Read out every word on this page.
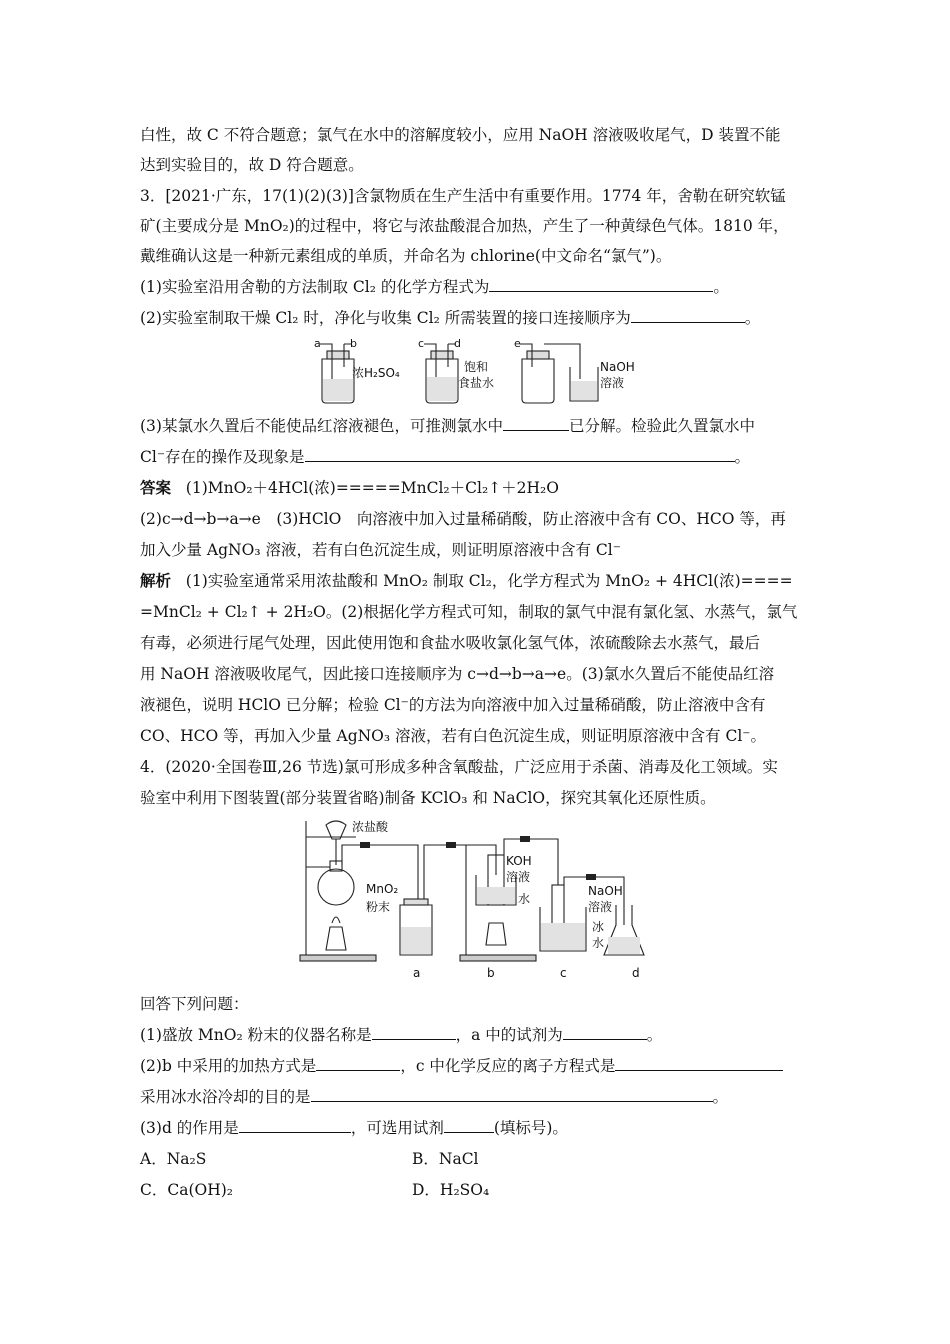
白性，故 C 不符合题意；氯气在水中的溶解度较小，应用 NaOH 溶液吸收尾气，D 装置不能
达到实验目的，故 D 符合题意。
3．[2021·广东，17(1)(2)(3)]含氯物质在生产生活中有重要作用。1774 年，舍勒在研究软锰
矿(主要成分是 MnO₂)的过程中，将它与浓盐酸混合加热，产生了一种黄绿色气体。1810 年，
戴维确认这是一种新元素组成的单质，并命名为 chlorine(中文命名“氯气”)。
(1)实验室沿用舍勒的方法制取 Cl₂ 的化学方程式为	。
(2)实验室制取干燥 Cl₂ 时，净化与收集 Cl₂ 所需装置的接口连接顺序为	。
a	b	c	d	e
浓H₂SO₄	饱和
食盐水
NaOH
溶液
(3)某氯水久置后不能使品红溶液褪色，可推测氯水中	已分解。检验此久置氯水中
Cl⁻存在的操作及现象是	。
答案 (1)MnO₂＋4HCl(浓)=====MnCl₂＋Cl₂↑＋2H₂O
(2)c→d→b→a→e　(3)HClO　向溶液中加入过量稀硝酸，防止溶液中含有 CO、HCO 等，再
加入少量 AgNO₃ 溶液，若有白色沉淀生成，则证明原溶液中含有 Cl⁻
解析 (1)实验室通常采用浓盐酸和 MnO₂ 制取 Cl₂，化学方程式为 MnO₂ + 4HCl(浓)====
=MnCl₂ + Cl₂↑ + 2H₂O。(2)根据化学方程式可知，制取的氯气中混有氯化氢、水蒸气，氯气
有毒，必须进行尾气处理，因此使用饱和食盐水吸收氯化氢气体，浓硫酸除去水蒸气，最后
用 NaOH 溶液吸收尾气，因此接口连接顺序为 c→d→b→a→e。(3)氯水久置后不能使品红溶
液褪色，说明 HClO 已分解；检验 Cl⁻的方法为向溶液中加入过量稀硝酸，防止溶液中含有
CO、HCO 等，再加入少量 AgNO₃ 溶液，若有白色沉淀生成，则证明原溶液中含有 Cl⁻。
4．(2020·全国卷Ⅲ,26 节选)氯可形成多种含氧酸盐，广泛应用于杀菌、消毒及化工领域。实
验室中利用下图装置(部分装置省略)制备 KClO₃ 和 NaClO，探究其氧化还原性质。
浓盐酸
MnO₂
粉末
KOH
溶液
水
NaOH
溶液
冰
水
a	b	c	d
回答下列问题：
(1)盛放 MnO₂ 粉末的仪器名称是	，a 中的试剂为	。
(2)b 中采用的加热方式是	，c 中化学反应的离子方程式是
采用冰水浴冷却的目的是	。
(3)d 的作用是	，可选用试剂	(填标号)。
A．Na₂S	B．NaCl
C．Ca(OH)₂	D．H₂SO₄
